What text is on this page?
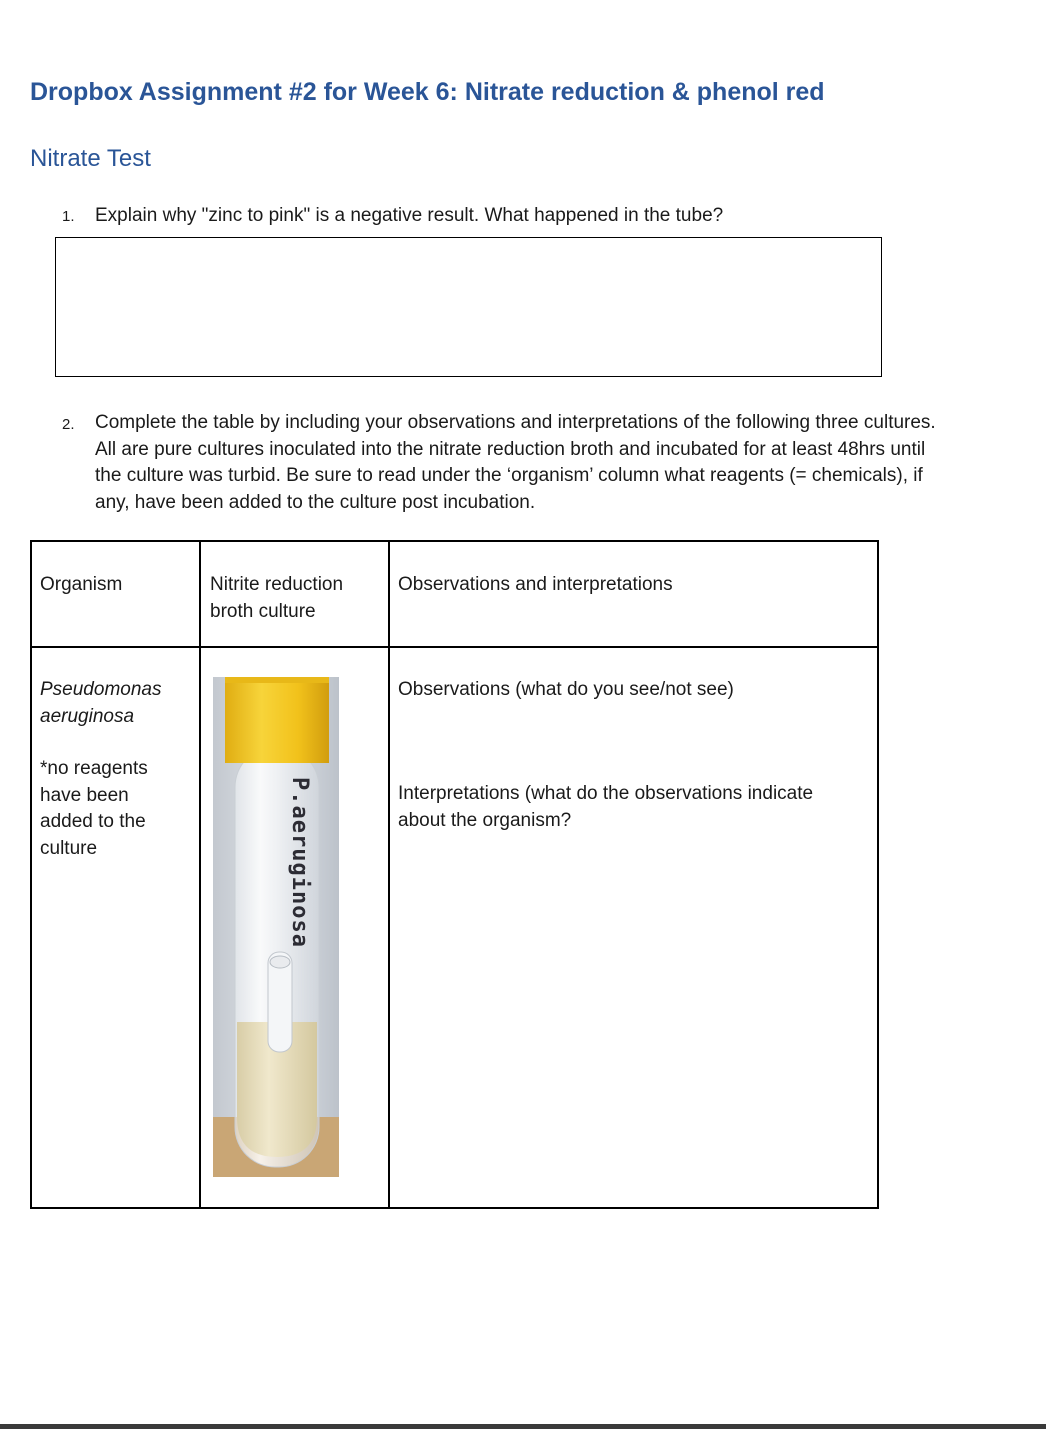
Dropbox Assignment #2 for Week 6: Nitrate reduction & phenol red
Nitrate Test
1. Explain why "zinc to pink" is a negative result. What happened in the tube?
2. Complete the table by including your observations and interpretations of the following three cultures.
All are pure cultures inoculated into the nitrate reduction broth and incubated for at least 48hrs until
the culture was turbid. Be sure to read under the ‘organism’ column what reagents (= chemicals), if
any, have been added to the culture post incubation.
Organism	Nitrite reduction
broth culture
Observations and interpretations
Pseudomonas
aeruginosa
*no reagents
have been
added to the
culture	P.aeruginosa
Observations (what do you see/not see)
Interpretations (what do the observations indicate
about the organism?
